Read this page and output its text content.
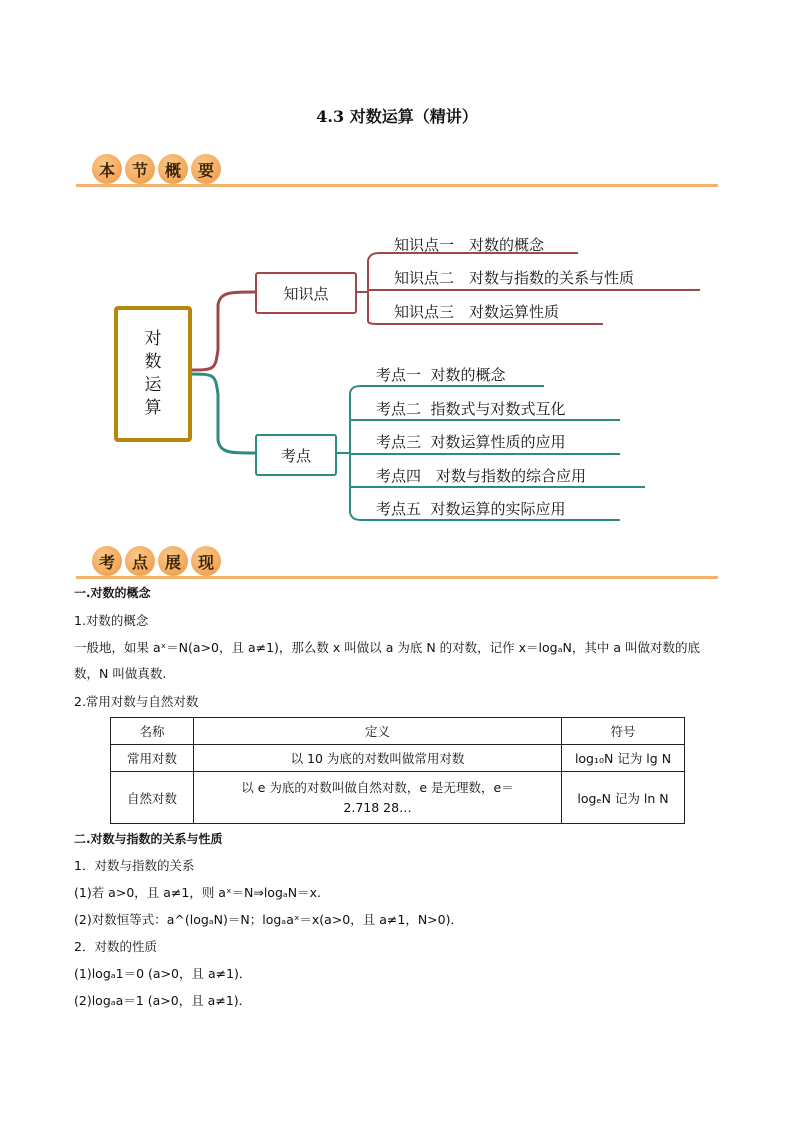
4.3 对数运算（精讲）
本	节	概	要
对
数
运
算
知识点
考点
知识点一　对数的概念
知识点二　对数与指数的关系与性质
知识点三　对数运算性质
考点一  对数的概念
考点二  指数式与对数式互化
考点三  对数运算性质的应用
考点四　对数与指数的综合应用
考点五  对数运算的实际应用
考	点	展	现
一.对数的概念
1.对数的概念
一般地，如果 aˣ＝N(a>0，且 a≠1)，那么数 x 叫做以 a 为底 N 的对数，记作 x＝logₐN，其中 a 叫做对数的底
数，N 叫做真数.
2.常用对数与自然对数
名称	定义	符号
常用对数	以 10 为底的对数叫做常用对数	log₁₀N 记为 lg N
自然对数	以 e 为底的对数叫做自然对数，e 是无理数，e＝2.718 28…	logₑN 记为 ln N
二.对数与指数的关系与性质
1．对数与指数的关系
(1)若 a>0，且 a≠1，则 aˣ＝N⇒logₐN＝x.
(2)对数恒等式：a^(logₐN)＝N；logₐaˣ＝x(a>0，且 a≠1，N>0)．
2．对数的性质
(1)logₐ1＝0 (a>0，且 a≠1)．
(2)logₐa＝1 (a>0，且 a≠1)．
